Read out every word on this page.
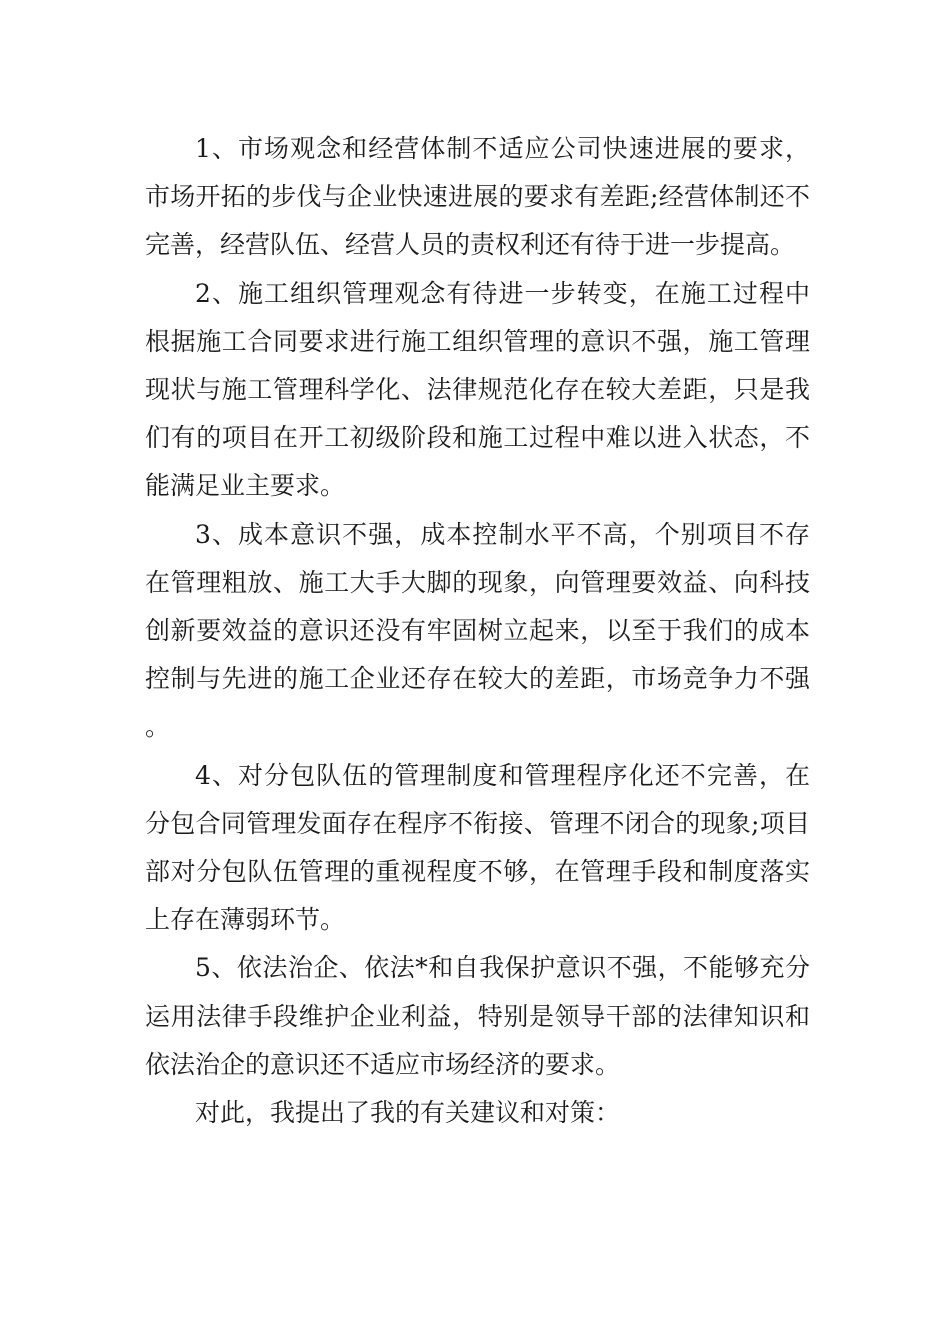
1、市场观念和经营体制不适应公司快速进展的要求，市场开拓的步伐与企业快速进展的要求有差距;经营体制还不完善，经营队伍、经营人员的责权利还有待于进一步提高。

2、施工组织管理观念有待进一步转变，在施工过程中根据施工合同要求进行施工组织管理的意识不强，施工管理现状与施工管理科学化、法律规范化存在较大差距，只是我们有的项目在开工初级阶段和施工过程中难以进入状态，不能满足业主要求。

3、成本意识不强，成本控制水平不高，个别项目不存在管理粗放、施工大手大脚的现象，向管理要效益、向科技创新要效益的意识还没有牢固树立起来，以至于我们的成本控制与先进的施工企业还存在较大的差距，市场竞争力不强。

4、对分包队伍的管理制度和管理程序化还不完善，在分包合同管理发面存在程序不衔接、管理不闭合的现象;项目部对分包队伍管理的重视程度不够，在管理手段和制度落实上存在薄弱环节。

5、依法治企、依法*和自我保护意识不强，不能够充分运用法律手段维护企业利益，特别是领导干部的法律知识和依法治企的意识还不适应市场经济的要求。

对此，我提出了我的有关建议和对策：
